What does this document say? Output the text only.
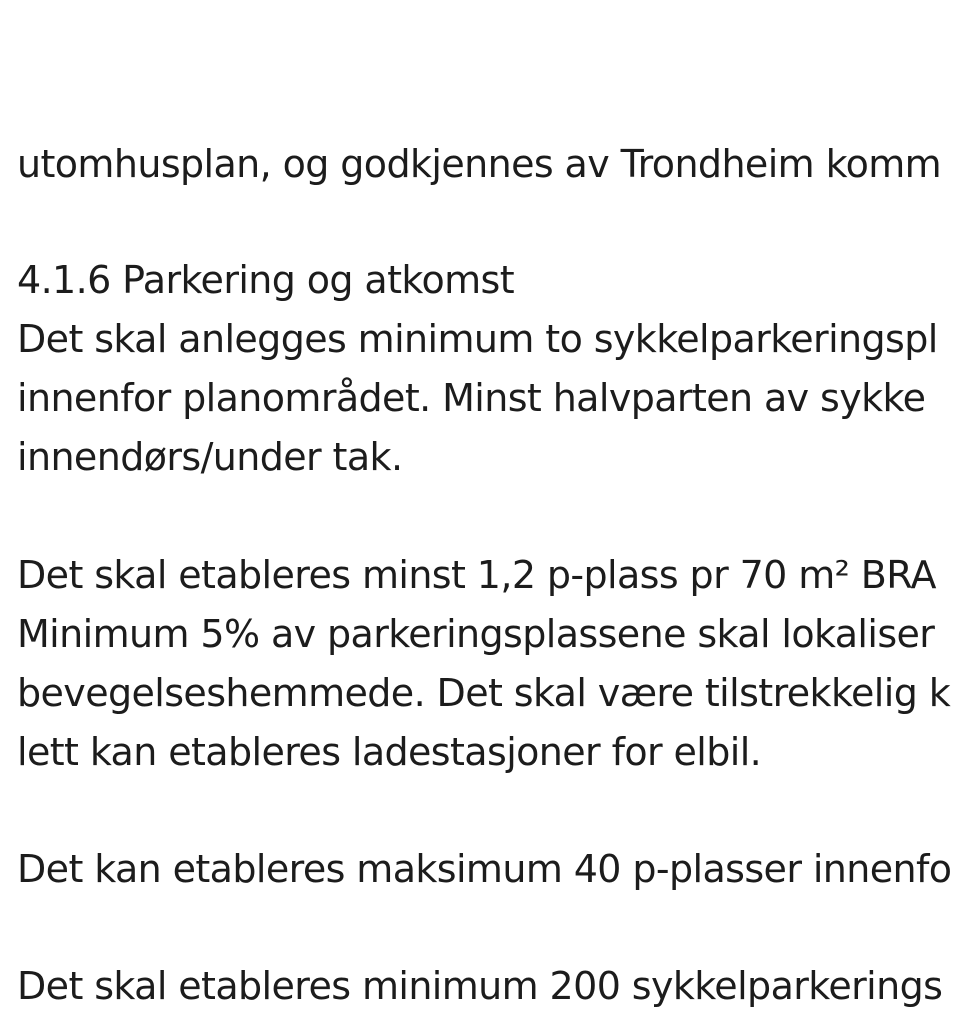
utomhusplan, og godkjennes av Trondheim komm
4.1.6 Parkering og atkomst
Det skal anlegges minimum to sykkelparkeringspl
innenfor planområdet. Minst halvparten av sykke
innendørs/under tak.
Det skal etableres minst 1,2 p-plass pr 70 m² BRA
Minimum 5% av parkeringsplassene skal lokaliser
bevegelseshemmede. Det skal være tilstrekkelig k
lett kan etableres ladestasjoner for elbil.
Det kan etableres maksimum 40 p-plasser innenfo
Det skal etableres minimum 200 sykkelparkerings
